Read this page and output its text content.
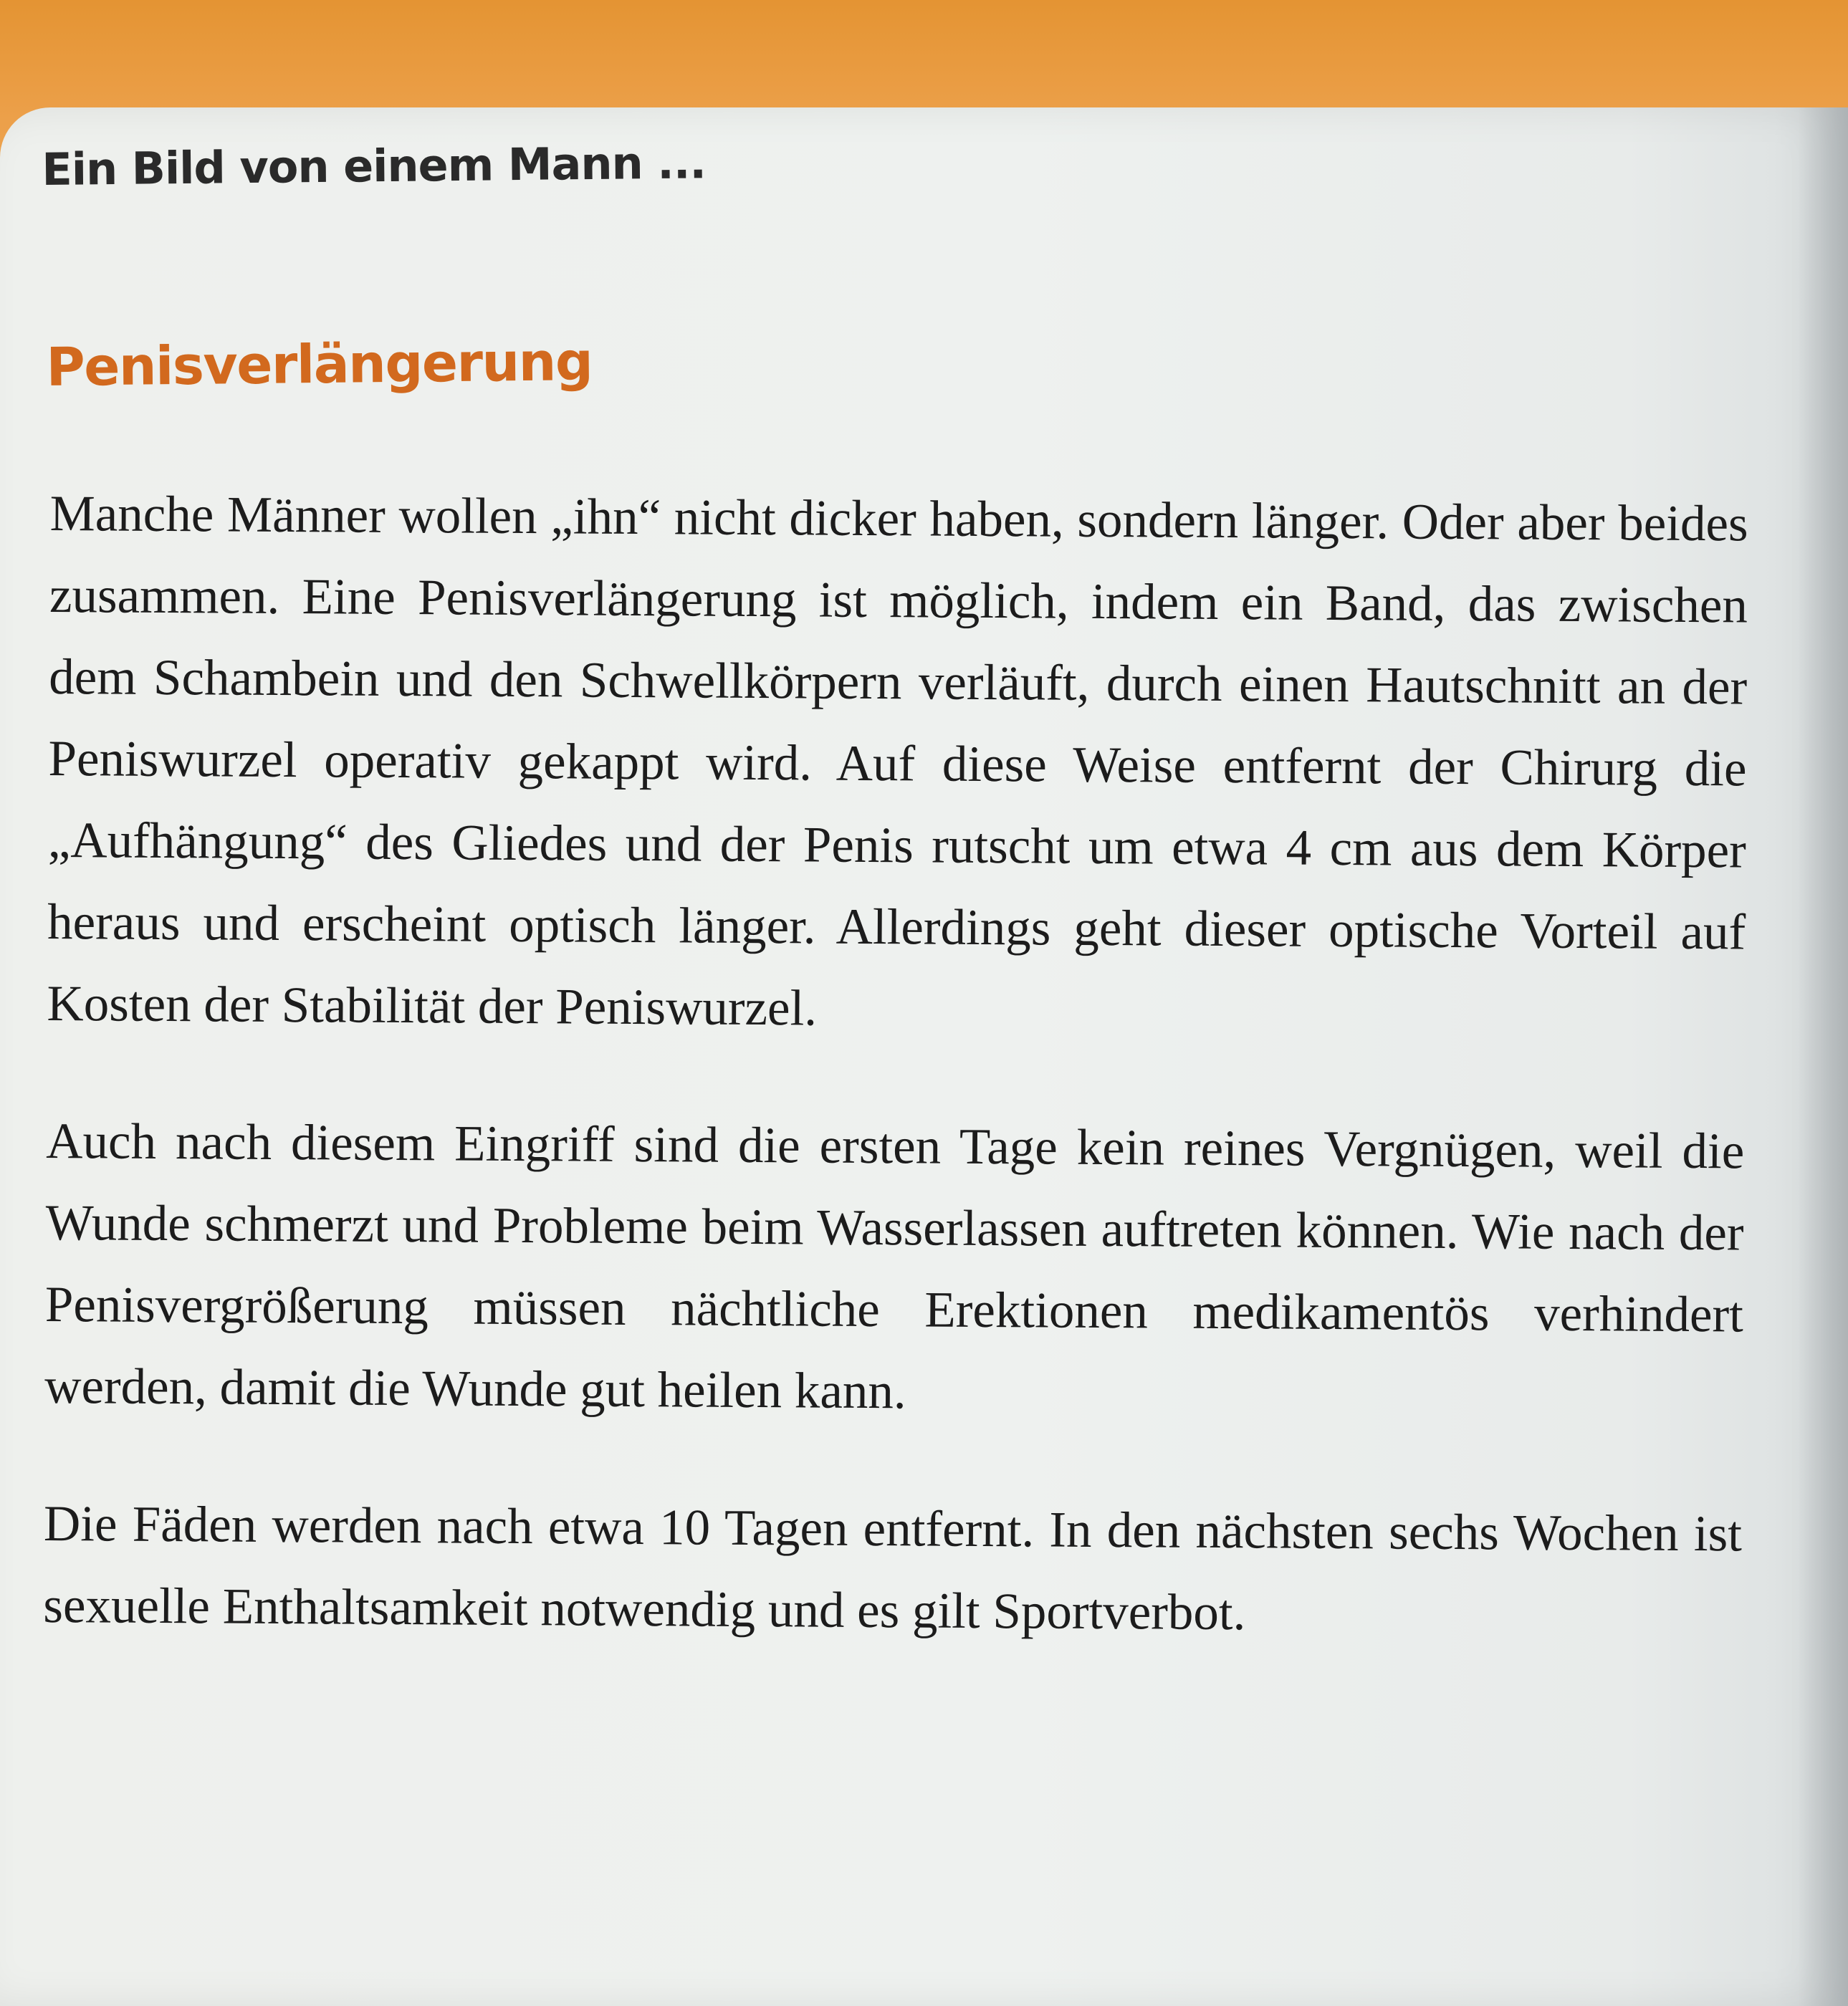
Ein Bild von einem Mann ...
Penisverlängerung

Manche Männer wollen „ihn“ nicht dicker haben, sondern länger. Oder aber beides zusammen. Eine Penisverlängerung ist möglich, indem ein Band, das zwischen dem Schambein und den Schwellkörpern verläuft, durch einen Hautschnitt an der Peniswurzel operativ gekappt wird. Auf diese Weise entfernt der Chirurg die „Aufhängung“ des Gliedes und der Penis rutscht um etwa 4 cm aus dem Körper heraus und erscheint optisch länger. Allerdings geht dieser optische Vorteil auf Kosten der Stabilität der Peniswurzel.

Auch nach diesem Eingriff sind die ersten Tage kein reines Vergnügen, weil die Wunde schmerzt und Probleme beim Wasserlassen auftreten können. Wie nach der Penisvergrößerung müssen nächtliche Erektionen medikamentös verhindert werden, damit die Wunde gut heilen kann.

Die Fäden werden nach etwa 10 Tagen entfernt. In den nächsten sechs Wochen ist sexuelle Enthaltsamkeit notwendig und es gilt Sportverbot.
